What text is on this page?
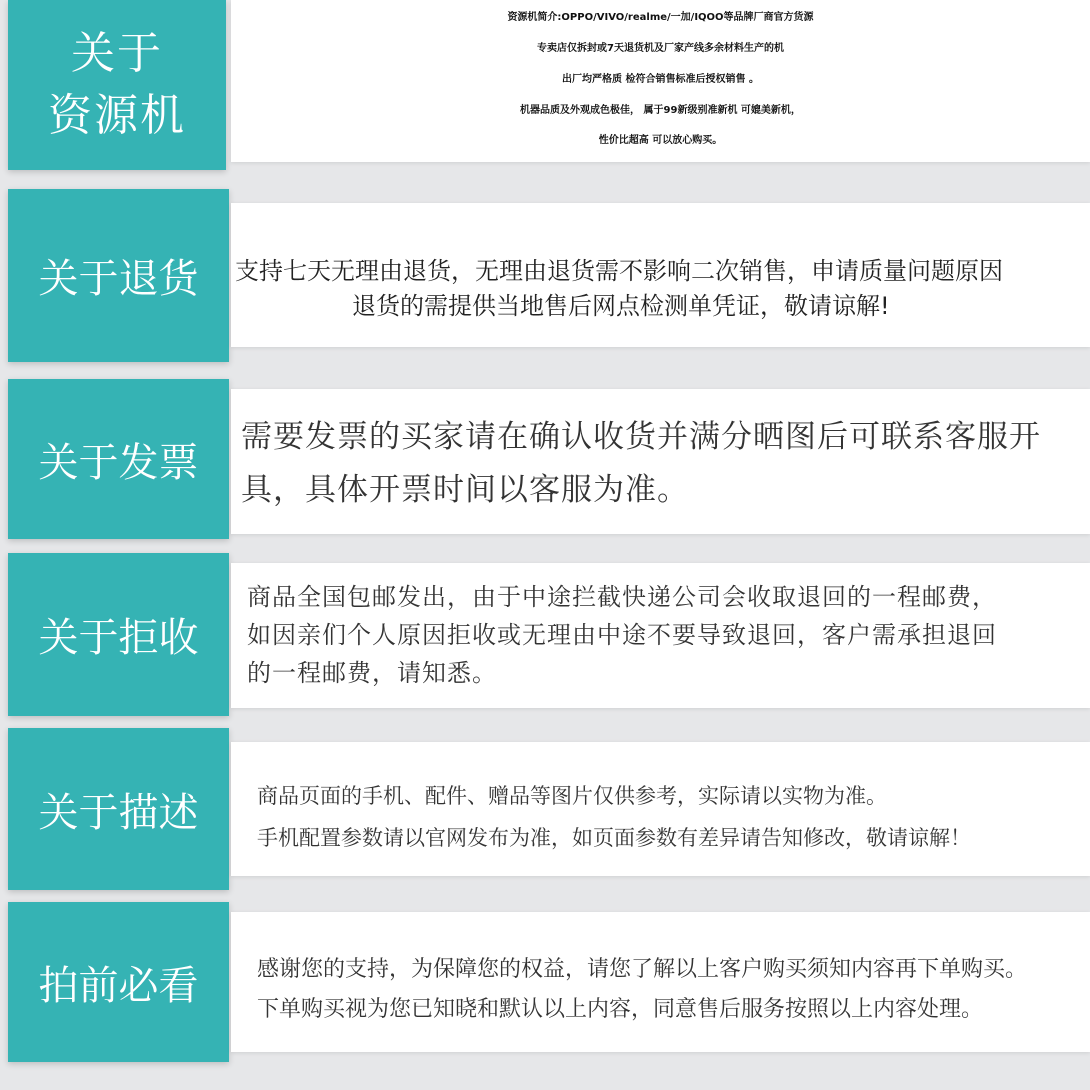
关于
资源机
资源机简介:OPPO/VIVO/realme/一加/IQOO等品牌厂商官方货源
专卖店仅拆封或7天退货机及厂家产线多余材料生产的机
出厂均严格质 检符合销售标准后授权销售 。
机器品质及外观成色极佳， 属于99新级别准新机 可媲美新机，
性价比超高 可以放心购买。
关于退货 支持七天无理由退货，无理由退货需不影响二次销售，申请质量问题原因
退货的需提供当地售后网点检测单凭证，敬请谅解!
关于发票
需要发票的买家请在确认收货并满分晒图后可联系客服开
具，具体开票时间以客服为准。
关于拒收
商品全国包邮发出，由于中途拦截快递公司会收取退回的一程邮费，
如因亲们个人原因拒收或无理由中途不要导致退回，客户需承担退回
的一程邮费，请知悉。
关于描述	商品页面的手机、配件、赠品等图片仅供参考，实际请以实物为准。
手机配置参数请以官网发布为准，如页面参数有差异请告知修改，敬请谅解！
拍前必看	感谢您的支持，为保障您的权益，请您了解以上客户购买须知内容再下单购买。
下单购买视为您已知晓和默认以上内容，同意售后服务按照以上内容处理。
